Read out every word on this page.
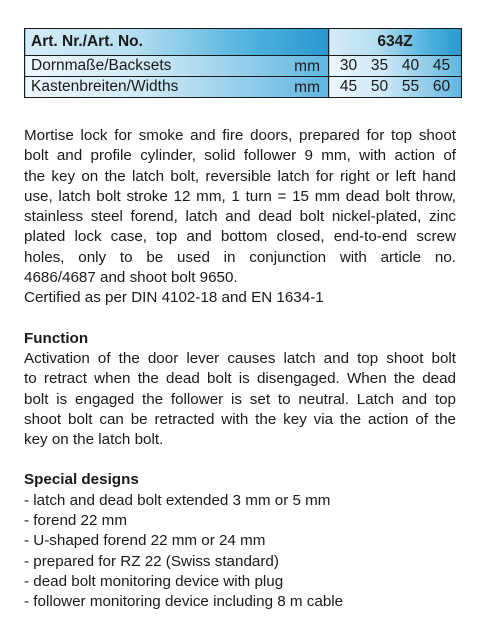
Art. Nr./Art. No.	634Z
Dornmaße/Backsets mm	30 35 40 45
Kastenbreiten/Widths mm	45 50 55 60
Mortise lock for smoke and fire doors, prepared for top shoot
bolt and profile cylinder, solid follower 9 mm, with action of
the key on the latch bolt, reversible latch for right or left hand
use, latch bolt stroke 12 mm, 1 turn = 15 mm dead bolt throw,
stainless steel forend, latch and dead bolt nickel-plated, zinc
plated lock case, top and bottom closed, end-to-end screw
holes, only to be used in conjunction with article no.
4686/4687 and shoot bolt 9650.
Certified as per DIN 4102-18 and EN 1634-1

Function

Activation of the door lever causes latch and top shoot bolt
to retract when the dead bolt is disengaged. When the dead
bolt is engaged the follower is set to neutral. Latch and top
shoot bolt can be retracted with the key via the action of the
key on the latch bolt.

Special designs

- latch and dead bolt extended 3 mm or 5 mm
- forend 22 mm
- U-shaped forend 22 mm or 24 mm
- prepared for RZ 22 (Swiss standard)
- dead bolt monitoring device with plug
- follower monitoring device including 8 m cable
